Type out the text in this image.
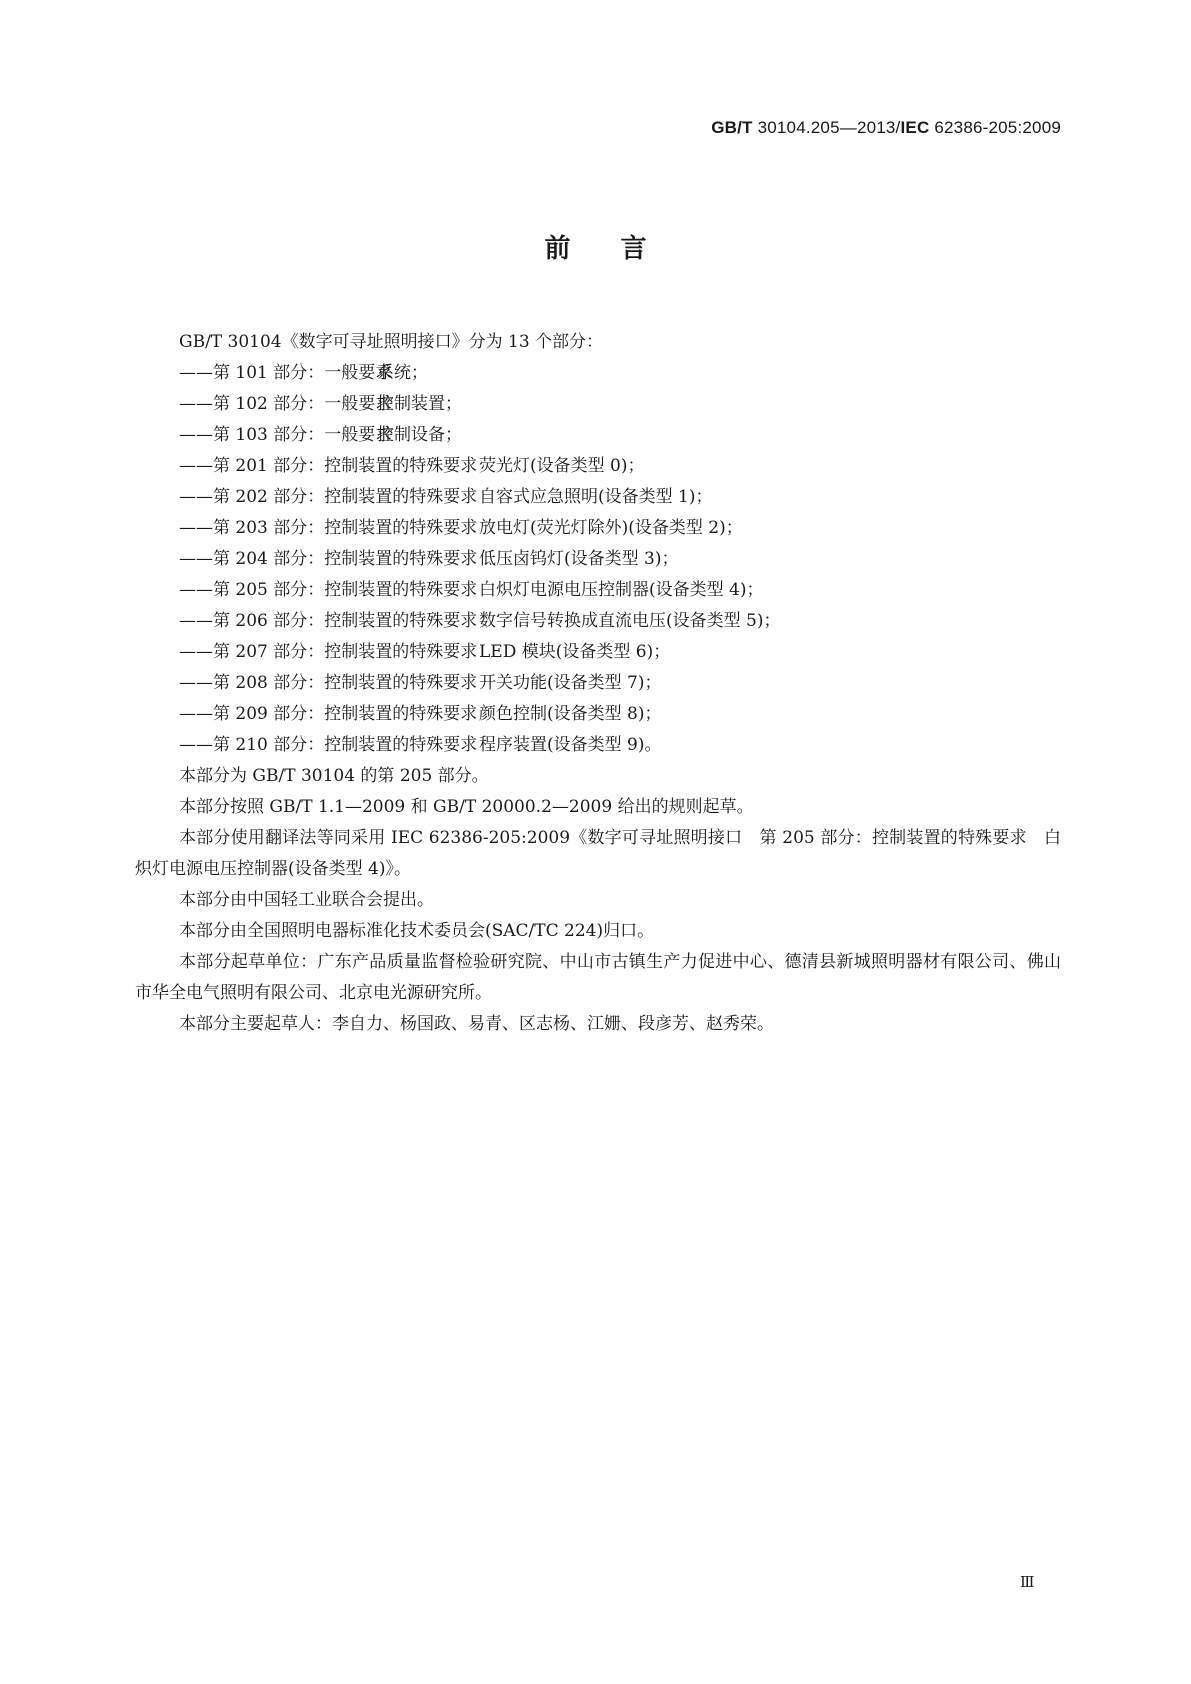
GB/T 30104.205—2013/IEC 62386-205:2009
前言

GB/T 30104《数字可寻址照明接口》分为 13 个部分：

——第 101 部分：一般要求系统；

——第 102 部分：一般要求控制装置；

——第 103 部分：一般要求控制设备；

——第 201 部分：控制装置的特殊要求 荧光灯(设备类型 0)；

——第 202 部分：控制装置的特殊要求 自容式应急照明(设备类型 1)；

——第 203 部分：控制装置的特殊要求 放电灯(荧光灯除外)(设备类型 2)；

——第 204 部分：控制装置的特殊要求 低压卤钨灯(设备类型 3)；

——第 205 部分：控制装置的特殊要求 白炽灯电源电压控制器(设备类型 4)；

——第 206 部分：控制装置的特殊要求 数字信号转换成直流电压(设备类型 5)；

——第 207 部分：控制装置的特殊要求 LED 模块(设备类型 6)；

——第 208 部分：控制装置的特殊要求 开关功能(设备类型 7)；

——第 209 部分：控制装置的特殊要求 颜色控制(设备类型 8)；

——第 210 部分：控制装置的特殊要求 程序装置(设备类型 9)。

本部分为 GB/T 30104 的第 205 部分。

本部分按照 GB/T 1.1—2009 和 GB/T 20000.2—2009 给出的规则起草。

本部分使用翻译法等同采用 IEC 62386-205:2009《数字可寻址照明接口　第 205 部分：控制装置的特殊要求　白炽灯电源电压控制器(设备类型 4)》。

本部分由中国轻工业联合会提出。

本部分由全国照明电器标准化技术委员会(SAC/TC 224)归口。

本部分起草单位：广东产品质量监督检验研究院、中山市古镇生产力促进中心、德清县新城照明器材有限公司、佛山市华全电气照明有限公司、北京电光源研究所。

本部分主要起草人：李自力、杨国政、易青、区志杨、江姗、段彦芳、赵秀荣。

Ⅲ
